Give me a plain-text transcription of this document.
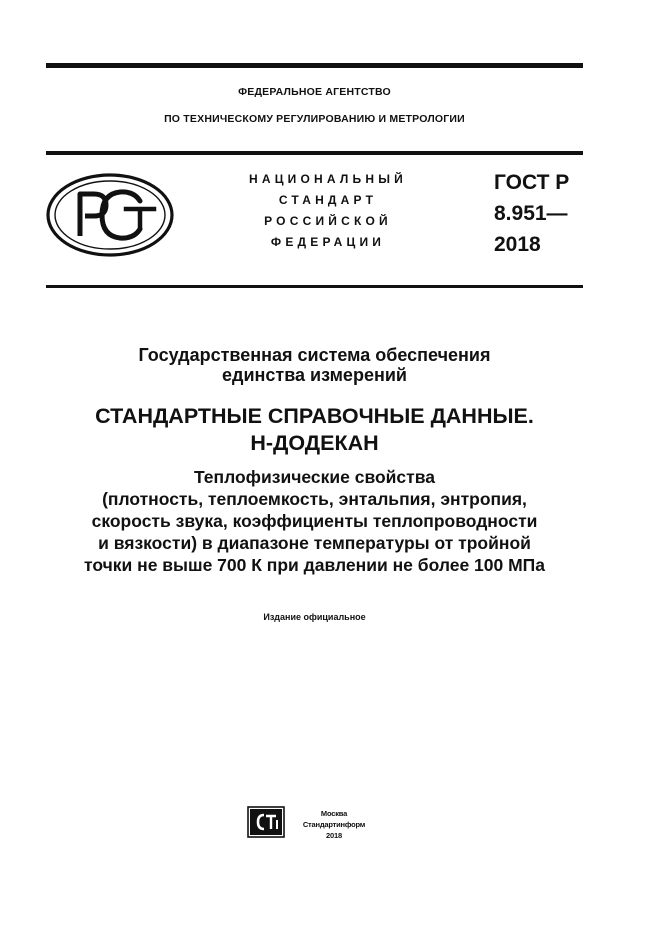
ФЕДЕРАЛЬНОЕ АГЕНТСТВО
ПО ТЕХНИЧЕСКОМУ РЕГУЛИРОВАНИЮ И МЕТРОЛОГИИ
НАЦИОНАЛЬНЫЙ
СТАНДАРТ
РОССИЙСКОЙ
ФЕДЕРАЦИИ
ГОСТ Р
8.951—
2018
Государственная система обеспечения
единства измерений
СТАНДАРТНЫЕ СПРАВОЧНЫЕ ДАННЫЕ.
Н-ДОДЕКАН
Теплофизические свойства
(плотность, теплоемкость, энтальпия, энтропия,
скорость звука, коэффициенты теплопроводности
и вязкости) в диапазоне температуры от тройной
точки не выше 700 К при давлении не более 100 МПа
Издание официальное
Москва
Стандартинформ
2018
